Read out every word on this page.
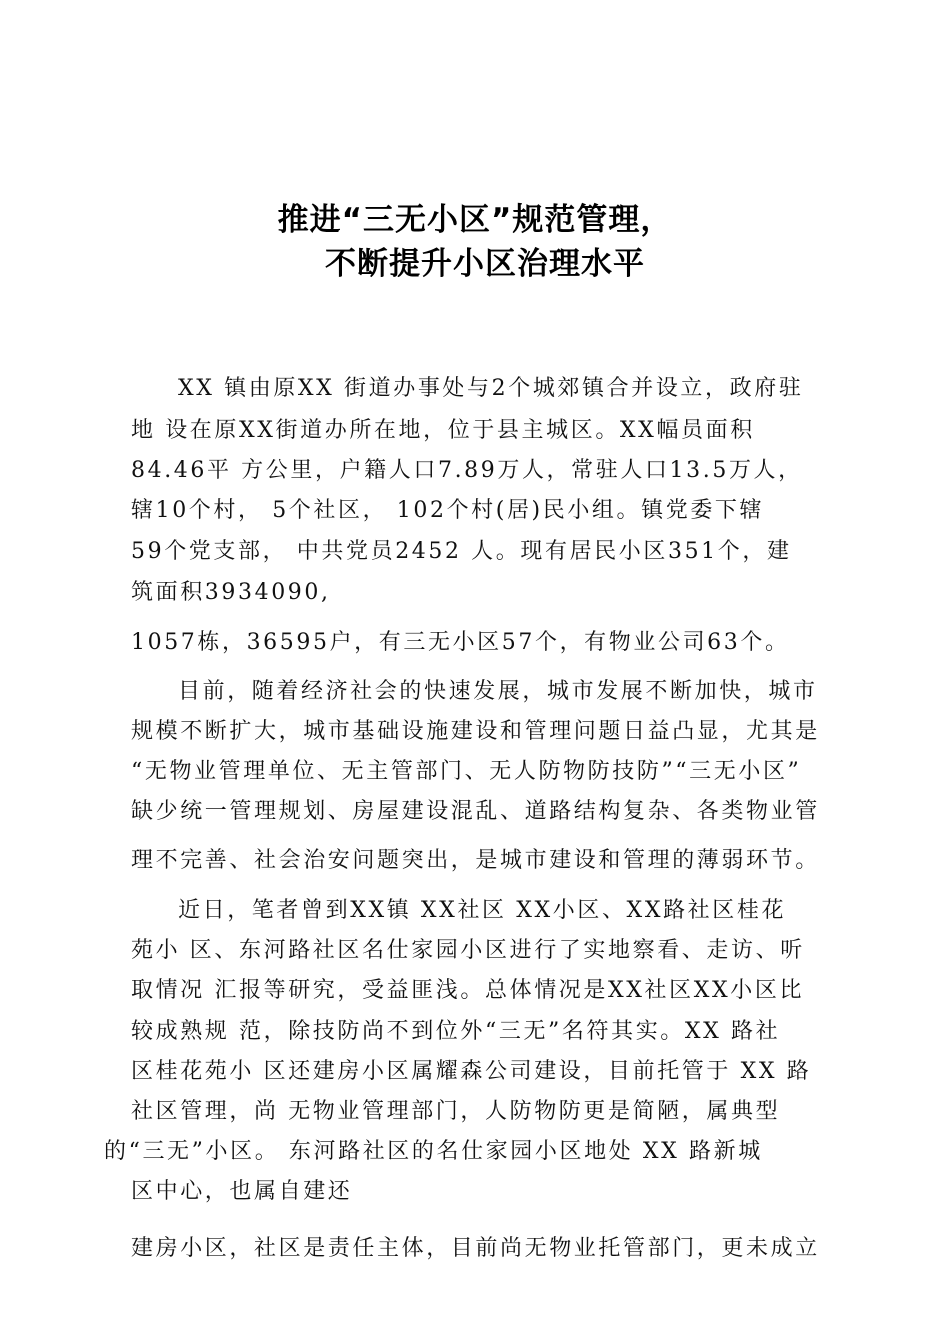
推进“三无小区”规范管理，
不断提升小区治理水平
XX 镇由原XX 街道办事处与2个城郊镇合并设立，政府驻
地 设在原XX街道办所在地，位于县主城区。XX幅员面积
84.46平 方公里，户籍人口7.89万人，常驻人口13.5万人，
辖10个村， 5个社区， 102个村(居)民小组。镇党委下辖
59个党支部， 中共党员2452 人。现有居民小区351个，建
筑面积3934090,
1057栋，36595户，有三无小区57个，有物业公司63个。
目前，随着经济社会的快速发展，城市发展不断加快，城市
规模不断扩大，城市基础设施建设和管理问题日益凸显，尤其是
“无物业管理单位、无主管部门、无人防物防技防”“三无小区”
缺少统一管理规划、房屋建设混乱、道路结构复杂、各类物业管
理不完善、社会治安问题突出，是城市建设和管理的薄弱环节。
近日，笔者曾到XX镇 XX社区 XX小区、XX路社区桂花
苑小 区、东河路社区名仕家园小区进行了实地察看、走访、听
取情况 汇报等研究，受益匪浅。总体情况是XX社区XX小区比
较成熟规 范，除技防尚不到位外“三无”名符其实。XX 路社
区桂花苑小 区还建房小区属耀森公司建设，目前托管于 XX 路
社区管理，尚 无物业管理部门，人防物防更是简陋，属典型
的“三无”小区。 东河路社区的名仕家园小区地处 XX 路新城
区中心，也属自建还
建房小区，社区是责任主体，目前尚无物业托管部门，更未成立
